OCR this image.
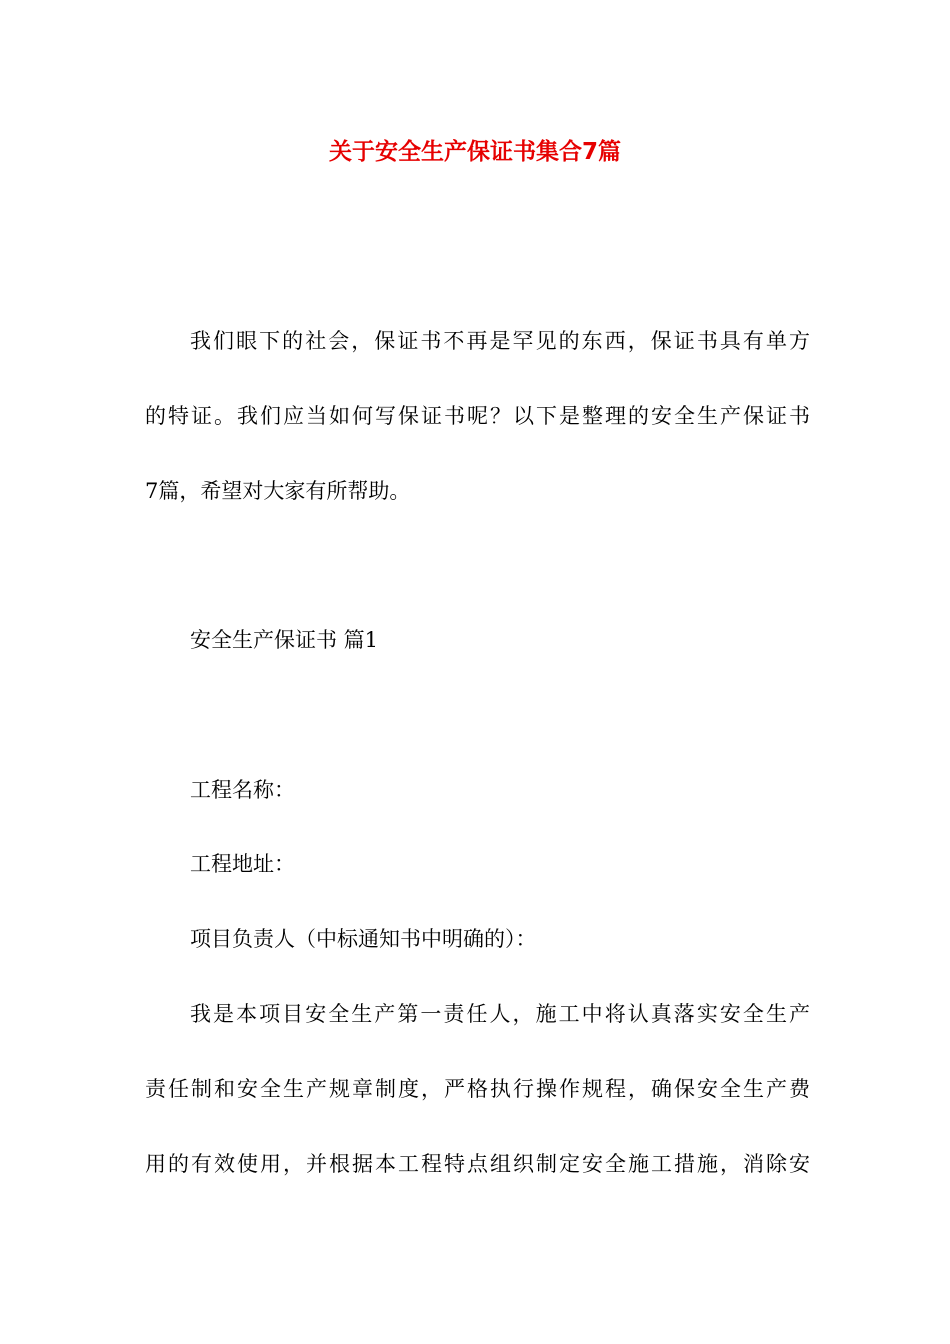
关于安全生产保证书集合7篇

我们眼下的社会，保证书不再是罕见的东西，保证书具有单方

的特证。我们应当如何写保证书呢？以下是整理的安全生产保证书

7篇，希望对大家有所帮助。

安全生产保证书 篇1

工程名称：

工程地址：

项目负责人（中标通知书中明确的）：

我是本项目安全生产第一责任人，施工中将认真落实安全生产

责任制和安全生产规章制度，严格执行操作规程，确保安全生产费

用的有效使用，并根据本工程特点组织制定安全施工措施，消除安
